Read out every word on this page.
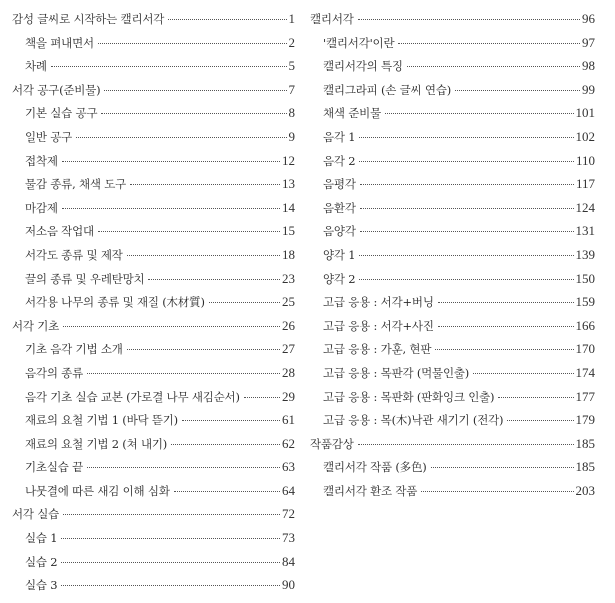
감성 글씨로 시작하는 캘리서각	1
책을 펴내면서	2
차례	5
서각 공구(준비물)	7
기본 실습 공구	8
일반 공구	9
접착제	12
물감 종류, 채색 도구	13
마감제	14
저소음 작업대	15
서각도 종류 및 제작	18
끌의 종류 및 우레탄망치	23
서각용 나무의 종류 및 재질 (木材質)	25
서각 기초	26
기초 음각 기법 소개	27
음각의 종류	28
음각 기초 실습 교본 (가로결 나무 새김순서)	29
재료의 요철 기법 1 (바닥 뜯기)	61
재료의 요철 기법 2 (쳐 내기)	62
기초실습 끝	63
나뭇결에 따른 새김 이해 심화	64
서각 실습	72
실습 1	73
실습 2	84
실습 3	90
캘리서각	96
'캘리서각'이란	97
캘리서각의 특징	98
캘리그라피 (손 글씨 연습)	99
채색 준비물	101
음각 1	102
음각 2	110
음평각	117
음환각	124
음양각	131
양각 1	139
양각 2	150
고급 응용 : 서각+버닝	159
고급 응용 : 서각+사진	166
고급 응용 : 가훈, 현판	170
고급 응용 : 목판각 (먹물인출)	174
고급 응용 : 목판화 (판화잉크 인출)	177
고급 응용 : 목(木)낙관 새기기 (전각)	179
작품감상	185
캘리서각 작품 (多色)	185
캘리서각 환조 작품	203
